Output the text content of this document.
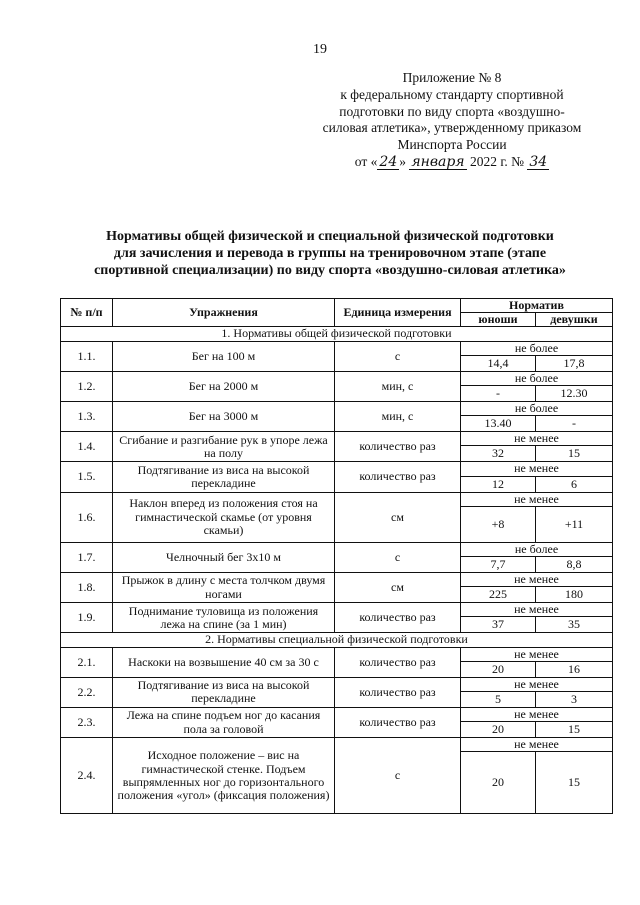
19
Приложение № 8
к федеральному стандарту спортивной
подготовки по виду спорта «воздушно-
силовая атлетика», утвержденному приказом
Минспорта России
от « 24 » января 2022 г. № 34
Нормативы общей физической и специальной физической подготовки
для зачисления и перевода в группы на тренировочном этапе (этапе
спортивной специализации) по виду спорта «воздушно-силовая атлетика»
№ п/п	Упражнения	Единица измерения	Норматив	
			юноши	девушки
1. Нормативы общей физической подготовки				
1.1.	Бег на 100 м	с	не более	
			14,4	17,8
1.2.	Бег на 2000 м	мин, с	не более	
			-	12.30
1.3.	Бег на 3000 м	мин, с	не более	
			13.40	-
1.4.	Сгибание и разгибание рук в упоре лежа на полу	количество раз	не менее	
			32	15
1.5.	Подтягивание из виса на высокой перекладине	количество раз	не менее	
			12	6
1.6.	Наклон вперед из положения стоя на гимнастической скамье (от уровня скамьи)	см	не менее	
			+8	+11
1.7.	Челночный бег 3х10 м	с	не более	
			7,7	8,8
1.8.	Прыжок в длину с места толчком двумя ногами	см	не менее	
			225	180
1.9.	Поднимание туловища из положения лежа на спине (за 1 мин)	количество раз	не менее	
			37	35
2. Нормативы специальной физической подготовки				
2.1.	Наскоки на возвышение 40 см за 30 с	количество раз	не менее	
			20	16
2.2.	Подтягивание из виса на высокой перекладине	количество раз	не менее	
			5	3
2.3.	Лежа на спине подъем ног до касания пола за головой	количество раз	не менее	
			20	15
2.4.	Исходное положение – вис на гимнастической стенке. Подъем выпрямленных ног до горизонтального положения «угол» (фиксация положения)	с	не менее	
			20	15
